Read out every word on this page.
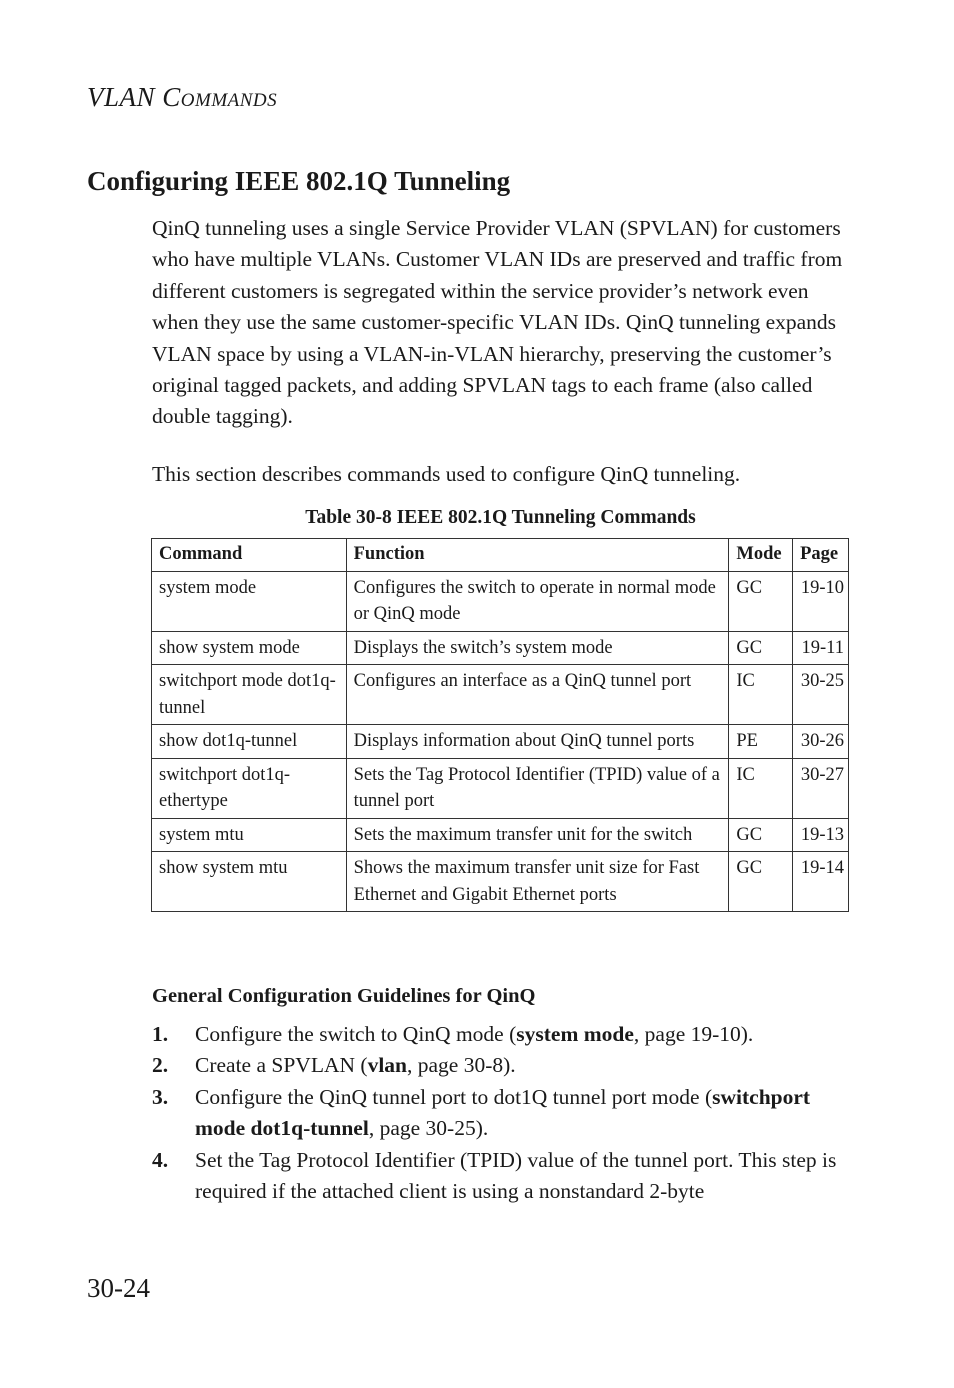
VLAN COMMANDS
Configuring IEEE 802.1Q Tunneling

QinQ tunneling uses a single Service Provider VLAN (SPVLAN) for customers who have multiple VLANs. Customer VLAN IDs are preserved and traffic from different customers is segregated within the service provider’s network even when they use the same customer-specific VLAN IDs. QinQ tunneling expands VLAN space by using a VLAN-in-VLAN hierarchy, preserving the customer’s original tagged packets, and adding SPVLAN tags to each frame (also called double tagging).

This section describes commands used to configure QinQ tunneling.

Table 30-8 IEEE 802.1Q Tunneling Commands
Command	Function	Mode	Page
system mode	Configures the switch to operate in normal mode or QinQ mode	GC	19-10
show system mode	Displays the switch’s system mode	GC	19-11
switchport mode dot1q-tunnel	Configures an interface as a QinQ tunnel port	IC	30-25
show dot1q-tunnel	Displays information about QinQ tunnel ports	PE	30-26
switchport dot1q-ethertype	Sets the Tag Protocol Identifier (TPID) value of a tunnel port	IC	30-27
system mtu	Sets the maximum transfer unit for the switch	GC	19-13
show system mtu	Shows the maximum transfer unit size for Fast Ethernet and Gigabit Ethernet ports	GC	19-14
General Configuration Guidelines for QinQ
1. Configure the switch to QinQ mode (system mode, page 19-10).
2. Create a SPVLAN (vlan, page 30-8).
3. Configure the QinQ tunnel port to dot1Q tunnel port mode (switchport mode dot1q-tunnel, page 30-25).
4. Set the Tag Protocol Identifier (TPID) value of the tunnel port. This step is required if the attached client is using a nonstandard 2-byte
30-24
